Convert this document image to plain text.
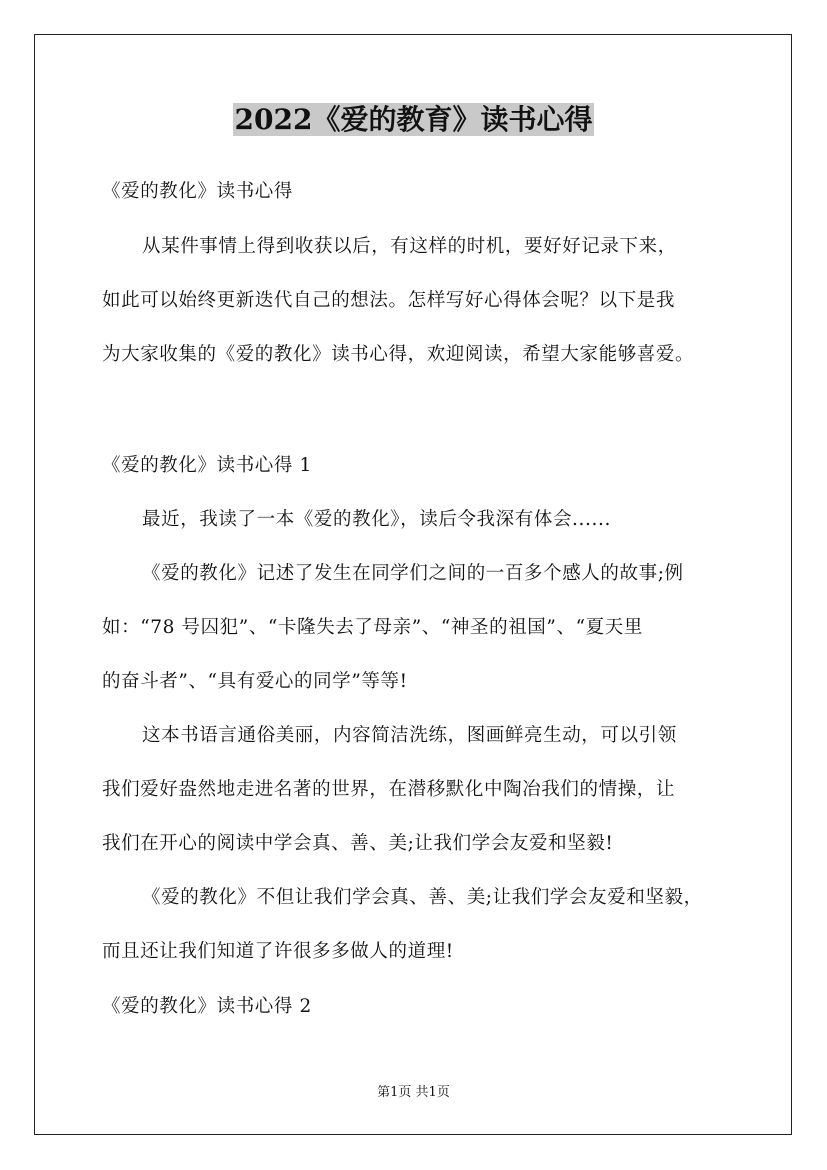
2022《爱的教育》读书心得
《爱的教化》读书心得
从某件事情上得到收获以后，有这样的时机，要好好记录下来，
如此可以始终更新迭代自己的想法。怎样写好心得体会呢？以下是我
为大家收集的《爱的教化》读书心得，欢迎阅读，希望大家能够喜爱。
《爱的教化》读书心得 1
最近，我读了一本《爱的教化》，读后令我深有体会......
《爱的教化》记述了发生在同学们之间的一百多个感人的故事;例
如：“78 号囚犯”、“卡隆失去了母亲”、“神圣的祖国”、“夏天里
的奋斗者”、“具有爱心的同学”等等!
这本书语言通俗美丽，内容简洁洗练，图画鲜亮生动，可以引领
我们爱好盎然地走进名著的世界，在潜移默化中陶冶我们的情操，让
我们在开心的阅读中学会真、善、美;让我们学会友爱和坚毅!
《爱的教化》不但让我们学会真、善、美;让我们学会友爱和坚毅，
而且还让我们知道了许很多多做人的道理!
《爱的教化》读书心得 2
第1页 共1页
